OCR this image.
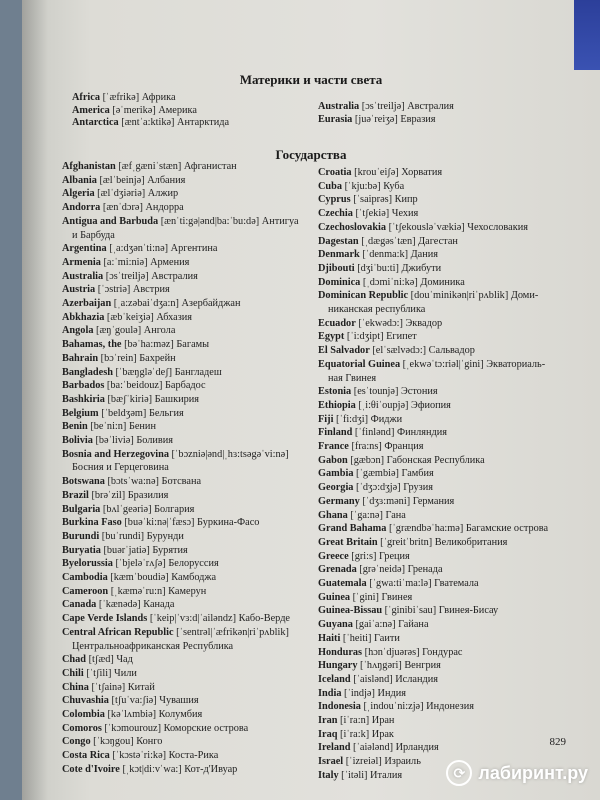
Материки и части света
Africa [ˈæfrikə] Африка
America [əˈmerikə] Америка
Antarctica [æntˈa:ktikə] Антарктида
Australia [ɔsˈtreiljə] Австралия
Eurasia [juəˈreiʒə] Евразия
Государства
Afghanistan [æfˌgæniˈstæn] Афганистан
Albania [ælˈbeinjə] Албания
Algeria [ælˈdʒiəriə] Алжир
Andorra [ænˈdɔrə] Андорра
Antigua and Barbuda [ænˈti:gə|ənd|ba:ˈbu:də] Антигуа
и Барбуда
Argentina [ˌa:dʒənˈti:nə] Аргентина
Armenia [a:ˈmi:niə] Армения
Australia [ɔsˈtreiljə] Австралия
Austria [ˈɔstriə] Австрия
Azerbaijan [ˌa:zəbaiˈdʒa:n] Азербайджан
Abkhazia [æbˈkeiʒiə] Абхазия
Angola [æŋˈgoulə] Ангола
Bahamas, the [bəˈha:məz] Багамы
Bahrain [bɔˈrein] Бахрейн
Bangladesh [ˈbæŋgləˈdeʃ] Бангладеш
Barbados [ba:ˈbeidouz] Барбадос
Bashkiria [bæʃˈkiriə] Башкирия
Belgium [ˈbeldʒəm] Бельгия
Benin [beˈni:n] Бенин
Bolivia [bəˈliviə] Боливия
Bosnia and Herzegovina [ˈbɔzniə|ənd|ˌhɜ:tsəgəˈvi:nə]
Босния и Герцеговина
Botswana [bɔtsˈwa:nə] Ботсвана
Brazil [brəˈzil] Бразилия
Bulgaria [bʌlˈgeəriə] Болгария
Burkina Faso [buəˈki:nə|ˈfæsɔ] Буркина-Фасо
Burundi [buˈrundi] Бурунди
Buryatia [buərˈjatiə] Бурятия
Byelorussia [ˈbjeləˈrʌʃə] Белоруссия
Cambodia [kæmˈboudiə] Камбоджа
Cameroon [ˌkæməˈru:n] Камерун
Canada [ˈkænədə] Канада
Cape Verde Islands [ˈkeip|ˈvɜ:d|ˈailəndz] Кабо-Верде
Central African Republic [ˈsentrəl|ˈæfrikən|riˈpʌblik]
Центральноафриканская Республика
Chad [tʃæd] Чад
Chili [ˈtʃili] Чили
China [ˈtʃainə] Китай
Chuvashia [tʃuˈva:ʃiə] Чувашия
Colombia [kəˈlʌmbiə] Колумбия
Comoros [ˈkɔmourouz] Коморские острова
Congo [ˈkɔŋgou] Конго
Costa Rica [ˈkɔstəˈri:kə] Коста-Рика
Cote d'Ivoire [ˌkɔt|diːvˈwa:] Кот-д'Ивуар
Croatia [krouˈeiʃə] Хорватия
Cuba [ˈkju:bə] Куба
Cyprus [ˈsaiprəs] Кипр
Czechia [ˈtʃekiə] Чехия
Czechoslovakia [ˈtʃekouslǝˈvækiə] Чехословакия
Dagestan [ˌdægəsˈtæn] Дагестан
Denmark [ˈdenma:k] Дания
Djibouti [dʒiˈbu:ti] Джибути
Dominica [ˌdɔmiˈni:kə] Доминика
Dominican Republic [douˈminikən|riˈpʌblik] Доми-
никанская республика
Ecuador [ˈekwədɔ:] Эквадор
Egypt [ˈi:dʒipt] Египет
El Salvador [elˈsælvədɔ:] Сальвадор
Equatorial Guinea [ˌekwəˈtɔ:riəl|ˈgini] Экваториаль-
ная Гвинея
Estonia [esˈtounjə] Эстония
Ethiopia [ˌi:θiˈoupjə] Эфиопия
Fiji [ˈfi:dʒi] Фиджи
Finland [ˈfinlənd] Финляндия
France [fra:ns] Франция
Gabon [gæbɔn] Габонская Республика
Gambia [ˈgæmbiə] Гамбия
Georgia [ˈdʒɔ:dʒjə] Грузия
Germany [ˈdʒɜ:məni] Германия
Ghana [ˈga:nə] Гана
Grand Bahama [ˈgrændbəˈha:mə] Багамские острова
Great Britain [ˈgreitˈbritn] Великобритания
Greece [gri:s] Греция
Grenada [grəˈneidə] Гренада
Guatemala [ˈgwa:tiˈma:lə] Гватемала
Guinea [ˈgini] Гвинея
Guinea-Bissau [ˈginibiˈsau] Гвинея-Бисау
Guyana [gaiˈa:nə] Гайана
Haiti [ˈheiti] Гаити
Honduras [hɔnˈdjuərəs] Гондурас
Hungary [ˈhʌŋgəri] Венгрия
Iceland [ˈaislənd] Исландия
India [ˈindjə] Индия
Indonesia [ˌindouˈni:zjə] Индонезия
Iran [iˈra:n] Иран
Iraq [iˈra:k] Ирак
Ireland [ˈaiələnd] Ирландия
Israel [ˈizreiəl] Израиль
Italy [ˈitəli] Италия
829
⟳ лабиринт.ру
